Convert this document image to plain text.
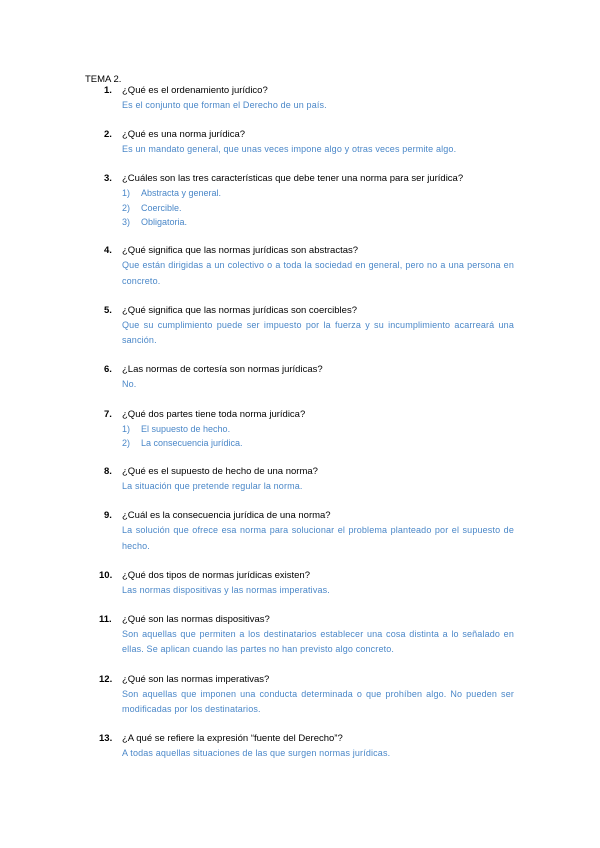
TEMA 2.
1.	¿Qué es el ordenamiento jurídico?
Es el conjunto que forman el Derecho de un país.
2.	¿Qué es una norma jurídica?
Es un mandato general, que unas veces impone algo y otras veces permite algo.
3.	¿Cuáles son las tres características que debe tener una norma para ser jurídica?
1) Abstracta y general.
2) Coercible.
3) Obligatoria.
4.	¿Qué significa que las normas jurídicas son abstractas?
Que están dirigidas a un colectivo o a toda la sociedad en general, pero no a una persona en concreto.
5.	¿Qué significa que las normas jurídicas son coercibles?
Que su cumplimiento puede ser impuesto por la fuerza y su incumplimiento acarreará una sanción.
6.	¿Las normas de cortesía son normas jurídicas?
No.
7.	¿Qué dos partes tiene toda norma jurídica?
1) El supuesto de hecho.
2) La consecuencia jurídica.
8.	¿Qué es el supuesto de hecho de una norma?
La situación que pretende regular la norma.
9.	¿Cuál es la consecuencia jurídica de una norma?
La solución que ofrece esa norma para solucionar el problema planteado por el supuesto de hecho.
10.	¿Qué dos tipos de normas jurídicas existen?
Las normas dispositivas y las normas imperativas.
11.	¿Qué son las normas dispositivas?
Son aquellas que permiten a los destinatarios establecer una cosa distinta a lo señalado en ellas. Se aplican cuando las partes no han previsto algo concreto.
12.	¿Qué son las normas imperativas?
Son aquellas que imponen una conducta determinada o que prohíben algo. No pueden ser modificadas por los destinatarios.
13.	¿A qué se refiere la expresión “fuente del Derecho”?
A todas aquellas situaciones de las que surgen normas jurídicas.
